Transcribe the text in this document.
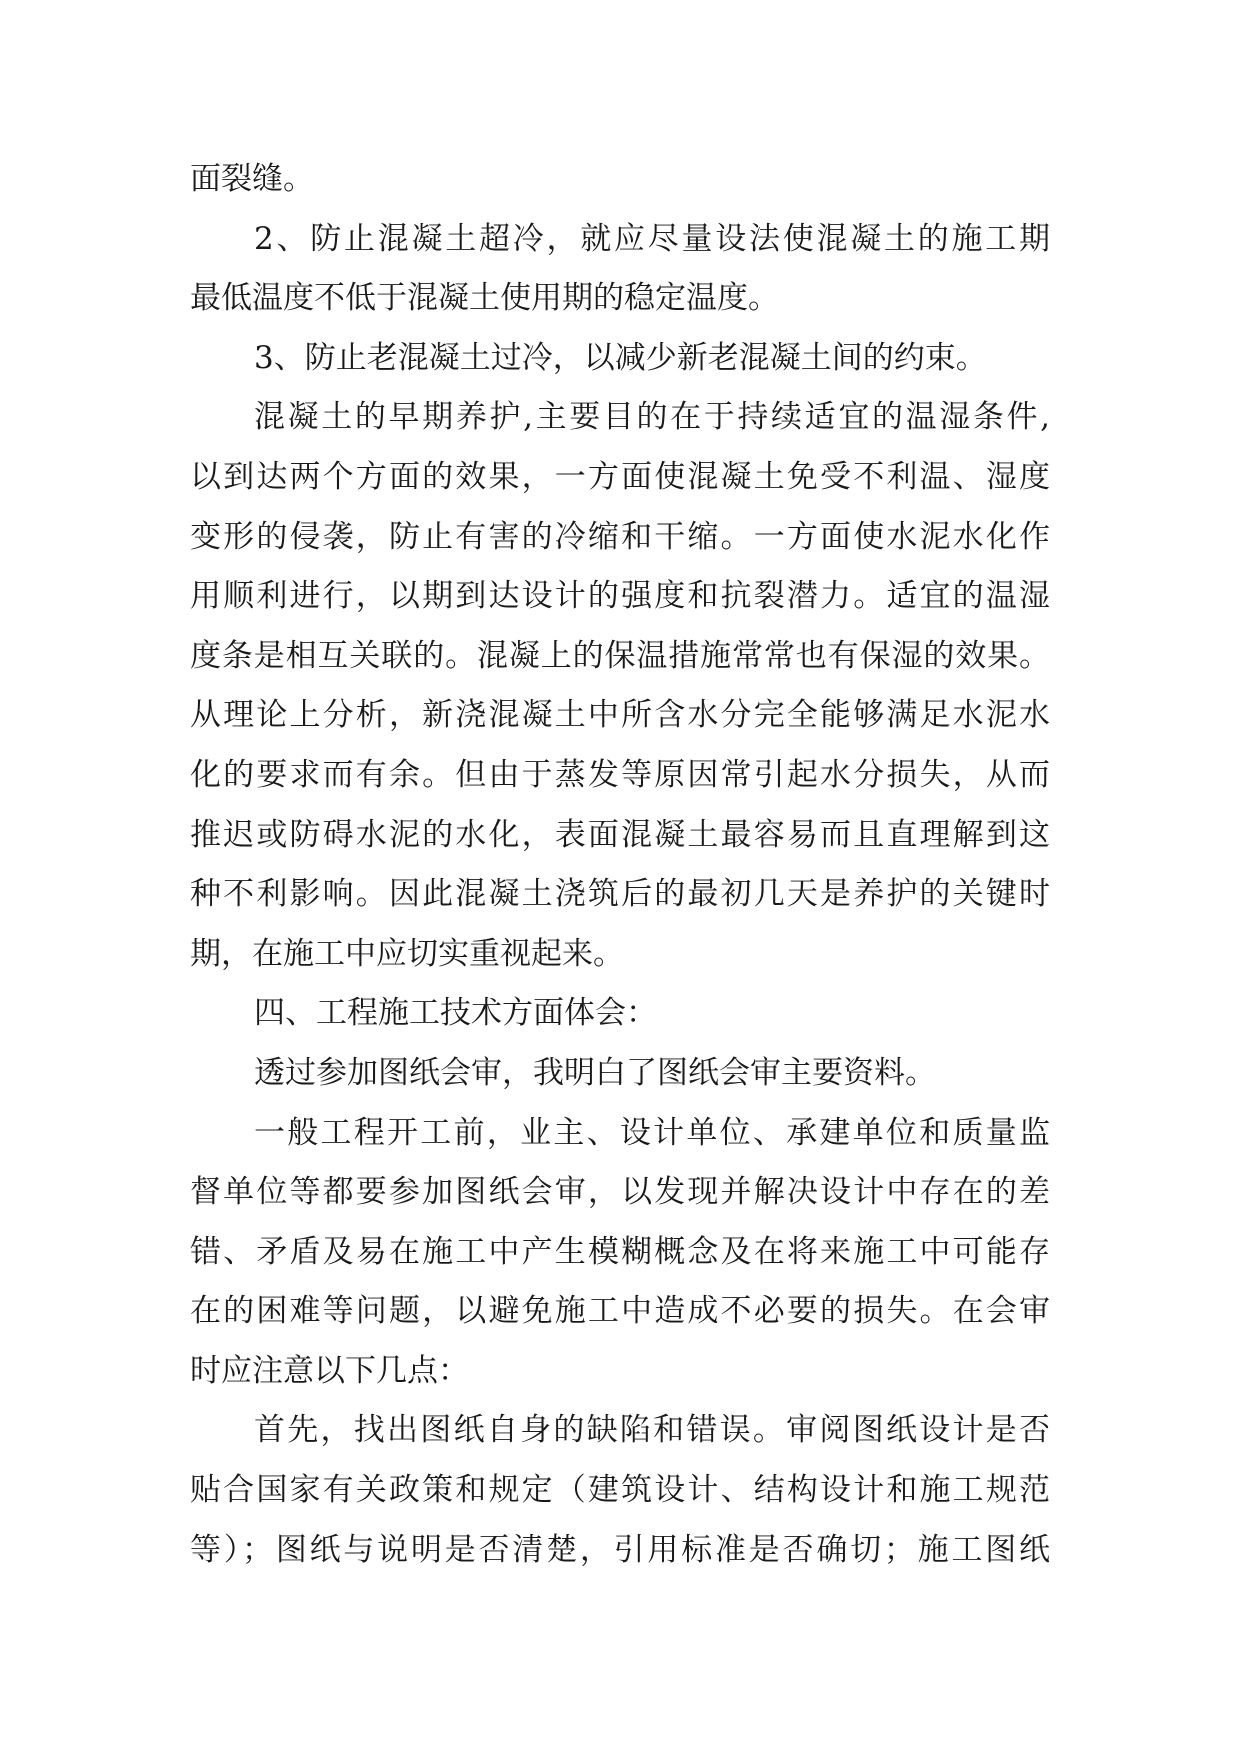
面裂缝。
2、防止混凝土超冷，就应尽量设法使混凝土的施工期
最低温度不低于混凝土使用期的稳定温度。
3、防止老混凝土过冷，以减少新老混凝土间的约束。
混凝土的早期养护,主要目的在于持续适宜的温湿条件,
以到达两个方面的效果，一方面使混凝土免受不利温、湿度
变形的侵袭，防止有害的冷缩和干缩。一方面使水泥水化作
用顺利进行，以期到达设计的强度和抗裂潜力。适宜的温湿
度条是相互关联的。混凝上的保温措施常常也有保湿的效果。
从理论上分析，新浇混凝土中所含水分完全能够满足水泥水
化的要求而有余。但由于蒸发等原因常引起水分损失，从而
推迟或防碍水泥的水化，表面混凝土最容易而且直理解到这
种不利影响。因此混凝土浇筑后的最初几天是养护的关键时
期，在施工中应切实重视起来。
四、工程施工技术方面体会：
透过参加图纸会审，我明白了图纸会审主要资料。
一般工程开工前，业主、设计单位、承建单位和质量监
督单位等都要参加图纸会审，以发现并解决设计中存在的差
错、矛盾及易在施工中产生模糊概念及在将来施工中可能存
在的困难等问题，以避免施工中造成不必要的损失。在会审
时应注意以下几点：
首先，找出图纸自身的缺陷和错误。审阅图纸设计是否
贴合国家有关政策和规定（建筑设计、结构设计和施工规范
等）；图纸与说明是否清楚，引用标准是否确切；施工图纸
